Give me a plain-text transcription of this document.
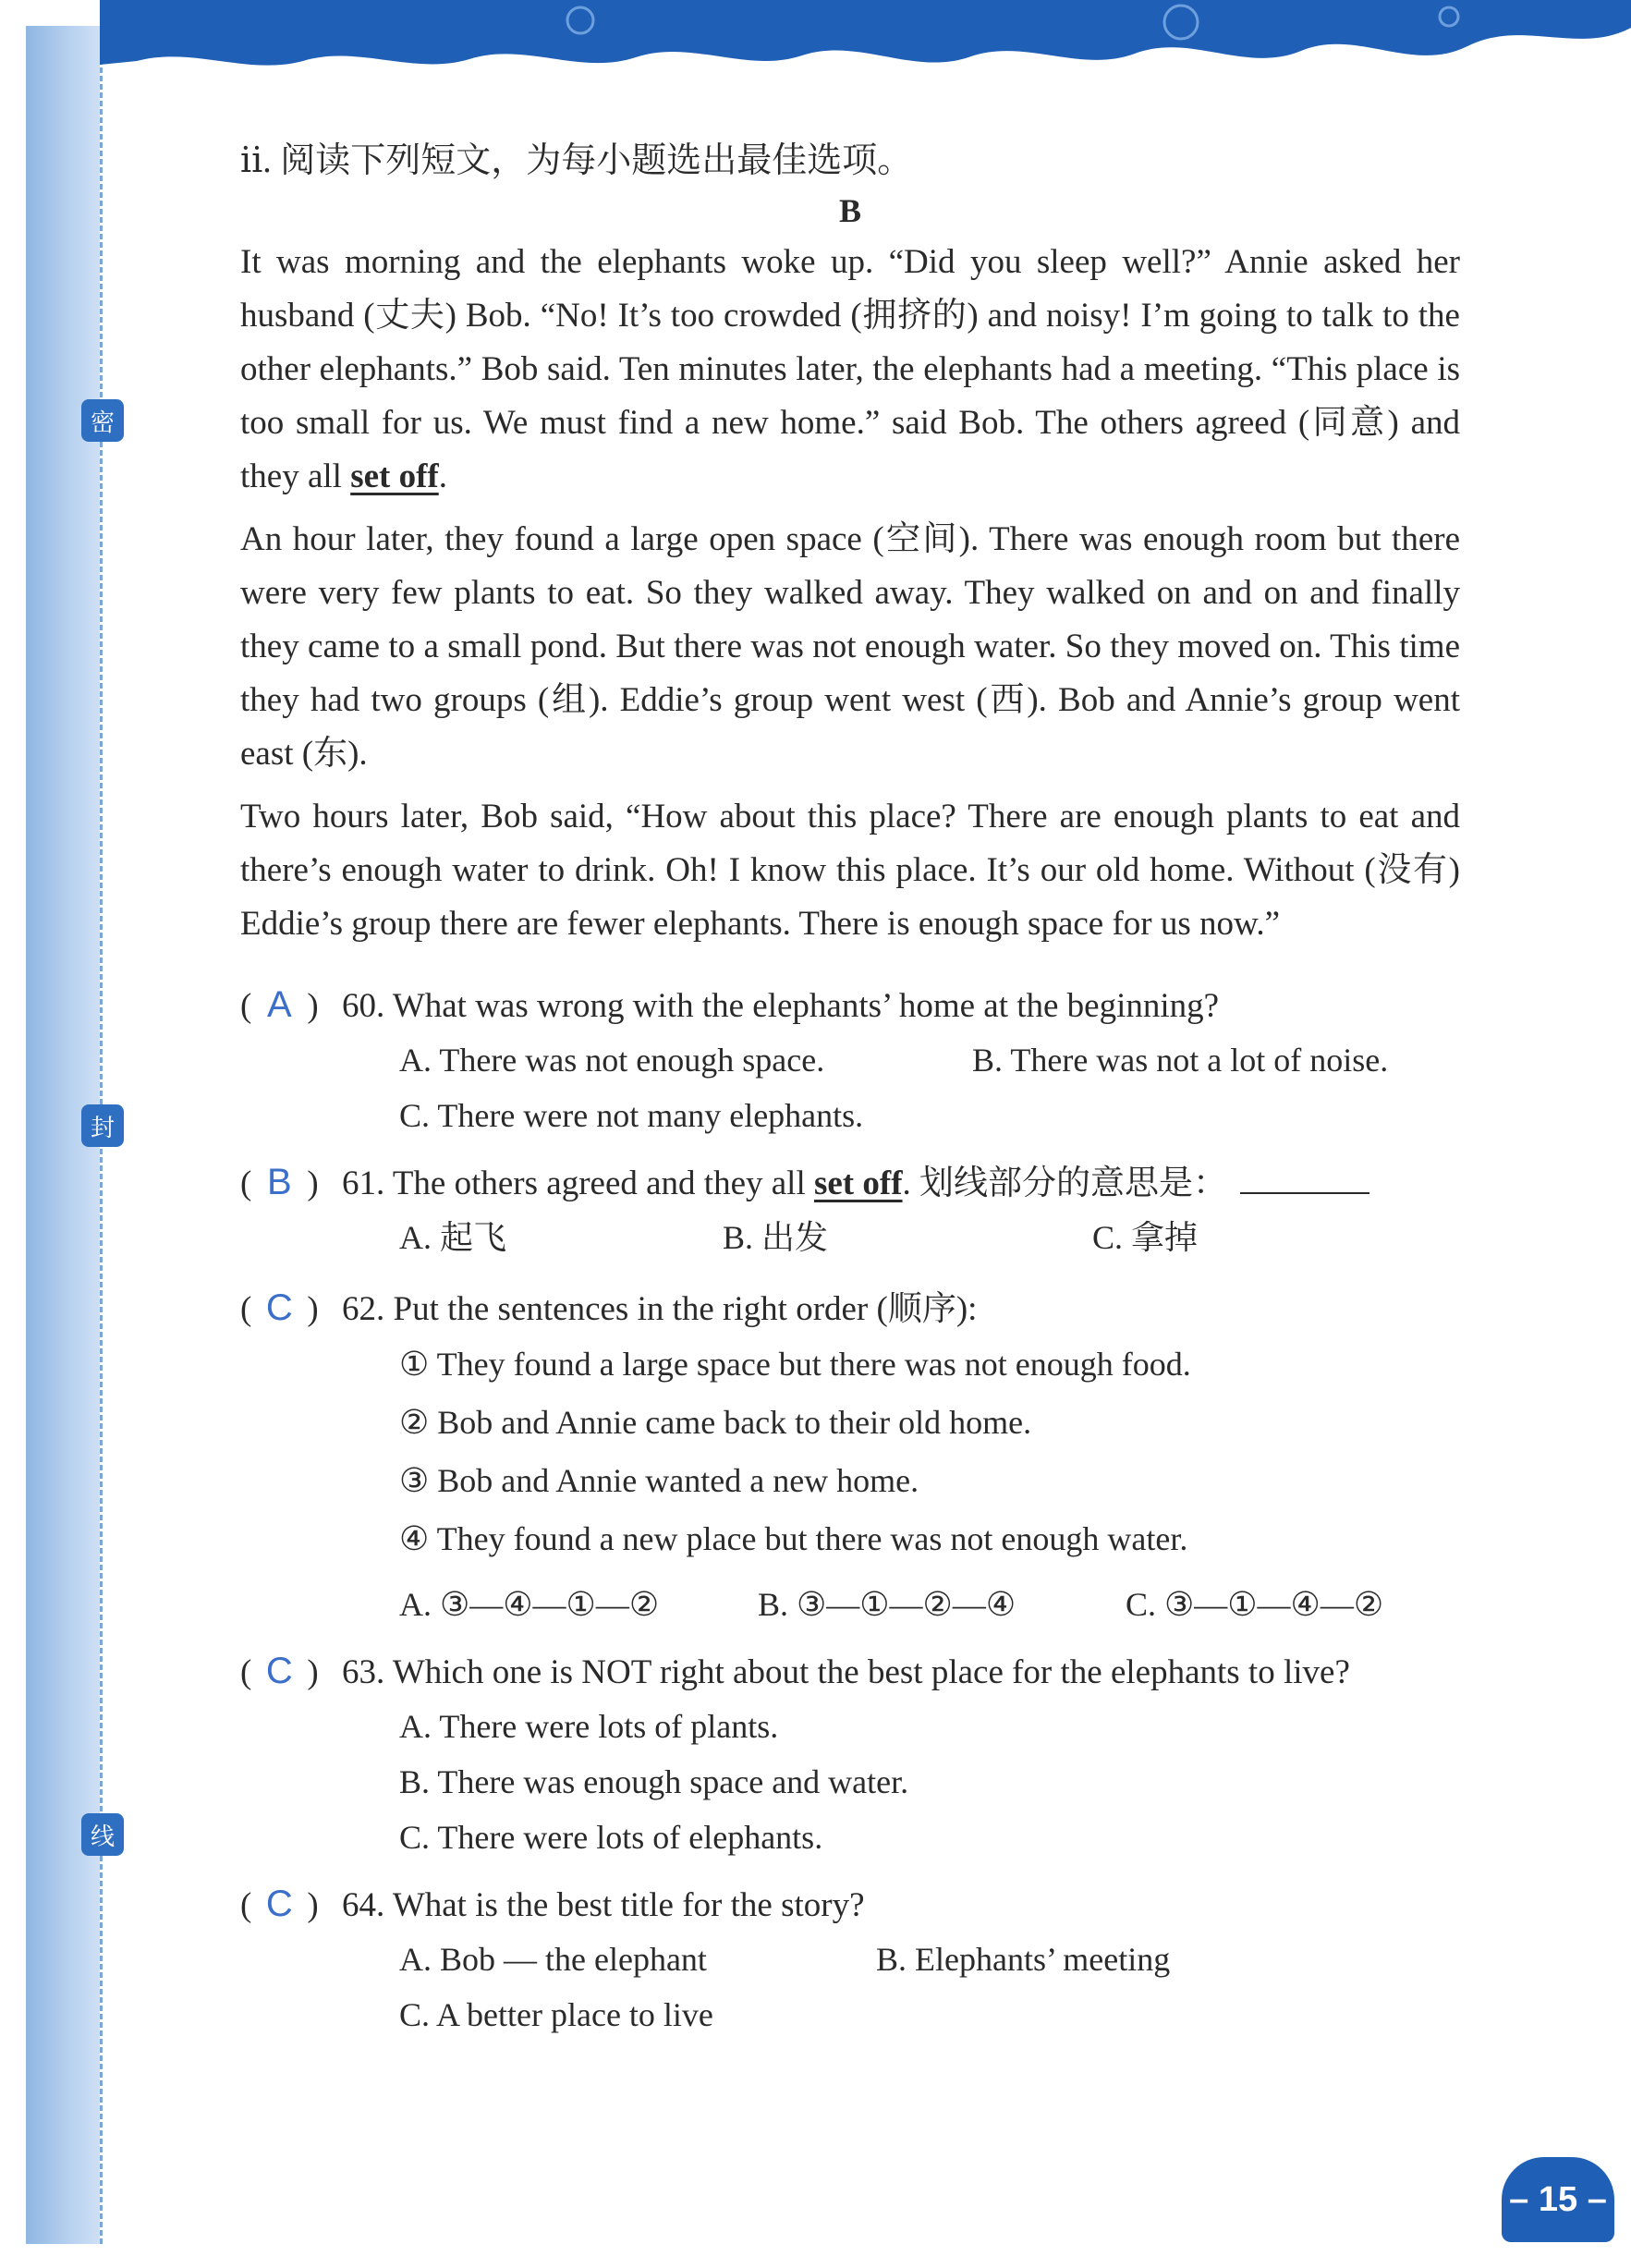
密
封
线
ⅱ. 阅读下列短文，为每小题选出最佳选项。
B

It was morning and the elephants woke up. “Did you sleep well?” Annie asked her husband (丈夫) Bob. “No! It’s too crowded (拥挤的) and noisy! I’m going to talk to the other elephants.” Bob said. Ten minutes later, the elephants had a meeting. “This place is too small for us. We must find a new home.” said Bob. The others agreed (同意) and they all set off.

An hour later, they found a large open space (空间). There was enough room but there were very few plants to eat. So they walked away. They walked on and on and finally they came to a small pond. But there was not enough water. So they moved on. This time they had two groups (组). Eddie’s group went west (西). Bob and Annie’s group went east (东).

Two hours later, Bob said, “How about this place? There are enough plants to eat and there’s enough water to drink. Oh! I know this place. It’s our old home. Without (没有) Eddie’s group there are fewer elephants. There is enough space for us now.”

( A ) 60. What was wrong with the elephants’ home at the beginning?
A. There was not enough space.	B. There was not a lot of noise.
C. There were not many elephants.
( B ) 61. The others agreed and they all set off. 划线部分的意思是：
A. 起飞	B. 出发	C. 拿掉
( C ) 62. Put the sentences in the right order (顺序):
① They found a large space but there was not enough food.
② Bob and Annie came back to their old home.
③ Bob and Annie wanted a new home.
④ They found a new place but there was not enough water.
A. ③—④—①—②	B. ③—①—②—④	C. ③—①—④—②
( C ) 63. Which one is NOT right about the best place for the elephants to live?
A. There were lots of plants.
B. There was enough space and water.
C. There were lots of elephants.
( C ) 64. What is the best title for the story?
A. Bob — the elephant	B. Elephants’ meeting
C. A better place to live
– 15 –
